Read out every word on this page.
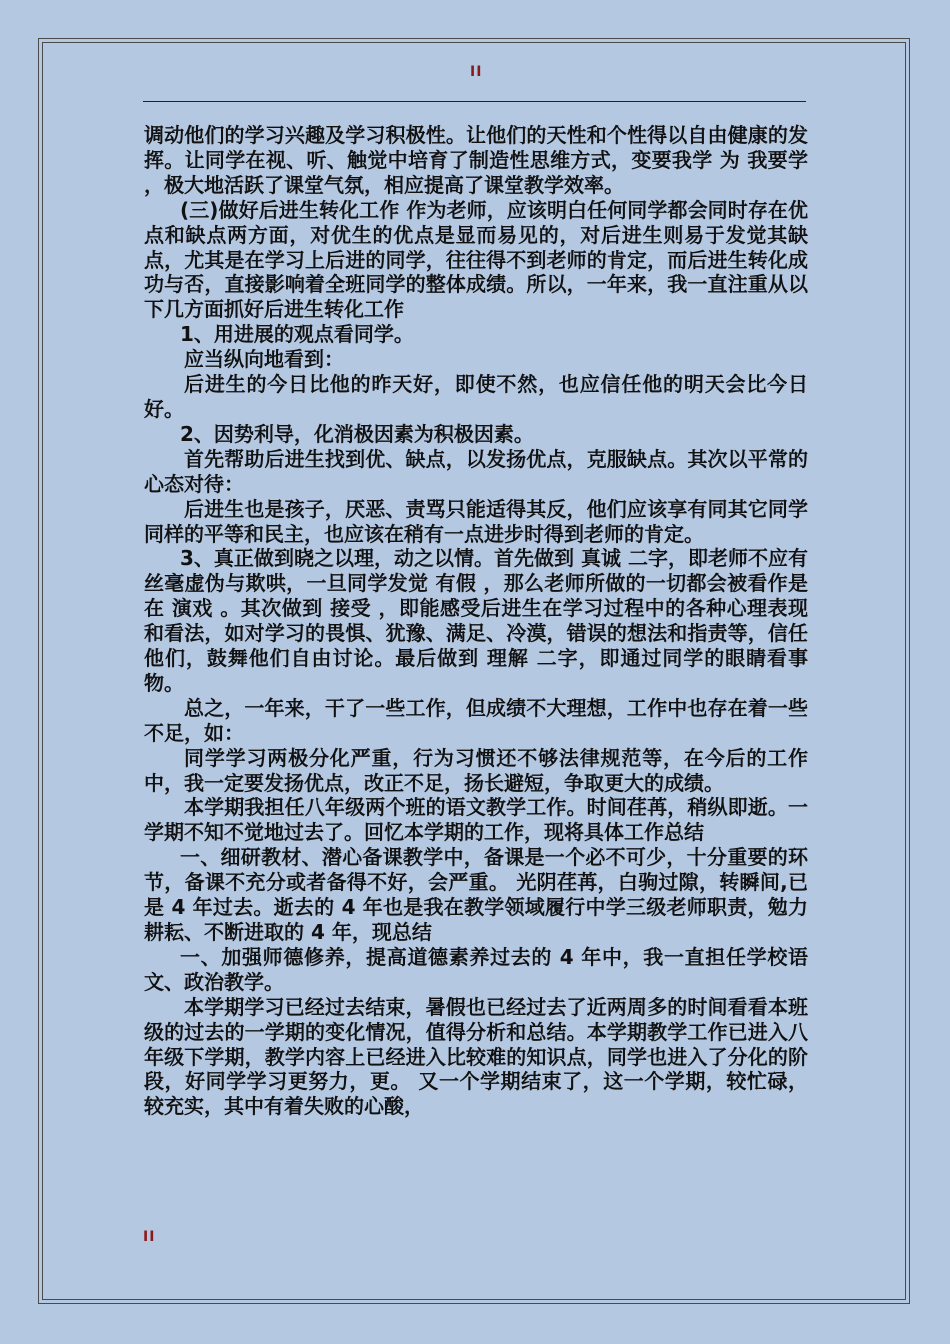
II

调动他们的学习兴趣及学习积极性。让他们的天性和个性得以自由健康的发挥。让同学在视、听、触觉中培育了制造性思维方式，变要我学 为 我要学 ，极大地活跃了课堂气氛，相应提高了课堂教学效率。

(三)做好后进生转化工作 作为老师，应该明白任何同学都会同时存在优点和缺点两方面，对优生的优点是显而易见的，对后进生则易于发觉其缺点，尤其是在学习上后进的同学，往往得不到老师的肯定，而后进生转化成功与否，直接影响着全班同学的整体成绩。所以，一年来，我一直注重从以下几方面抓好后进生转化工作

1、用进展的观点看同学。

应当纵向地看到：

后进生的今日比他的昨天好，即使不然，也应信任他的明天会比今日好。

2、因势利导，化消极因素为积极因素。

首先帮助后进生找到优、缺点，以发扬优点，克服缺点。其次以平常的心态对待：

后进生也是孩子，厌恶、责骂只能适得其反，他们应该享有同其它同学同样的平等和民主，也应该在稍有一点进步时得到老师的肯定。

3、真正做到晓之以理，动之以情。首先做到 真诚 二字，即老师不应有丝毫虚伪与欺哄，一旦同学发觉 有假 ，那么老师所做的一切都会被看作是在 演戏 。其次做到 接受 ，即能感受后进生在学习过程中的各种心理表现和看法，如对学习的畏惧、犹豫、满足、冷漠，错误的想法和指责等，信任他们，鼓舞他们自由讨论。最后做到 理解 二字，即通过同学的眼睛看事物。

总之，一年来，干了一些工作，但成绩不大理想，工作中也存在着一些不足，如：

同学学习两极分化严重，行为习惯还不够法律规范等，在今后的工作中，我一定要发扬优点，改正不足，扬长避短，争取更大的成绩。

本学期我担任八年级两个班的语文教学工作。时间荏苒，稍纵即逝。一学期不知不觉地过去了。回忆本学期的工作，现将具体工作总结

一、细研教材、潜心备课教学中，备课是一个必不可少，十分重要的环节，备课不充分或者备得不好，会严重。 光阴荏苒，白驹过隙，转瞬间,已是 4 年过去。逝去的 4 年也是我在教学领域履行中学三级老师职责，勉力耕耘、不断进取的 4 年，现总结

一、加强师德修养，提高道德素养过去的 4 年中，我一直担任学校语文、政治教学。

本学期学习已经过去结束，暑假也已经过去了近两周多的时间看看本班级的过去的一学期的变化情况，值得分析和总结。本学期教学工作已进入八年级下学期，教学内容上已经进入比较难的知识点，同学也进入了分化的阶段，好同学学习更努力，更。 又一个学期结束了，这一个学期，较忙碌，较充实，其中有着失败的心酸，

II
